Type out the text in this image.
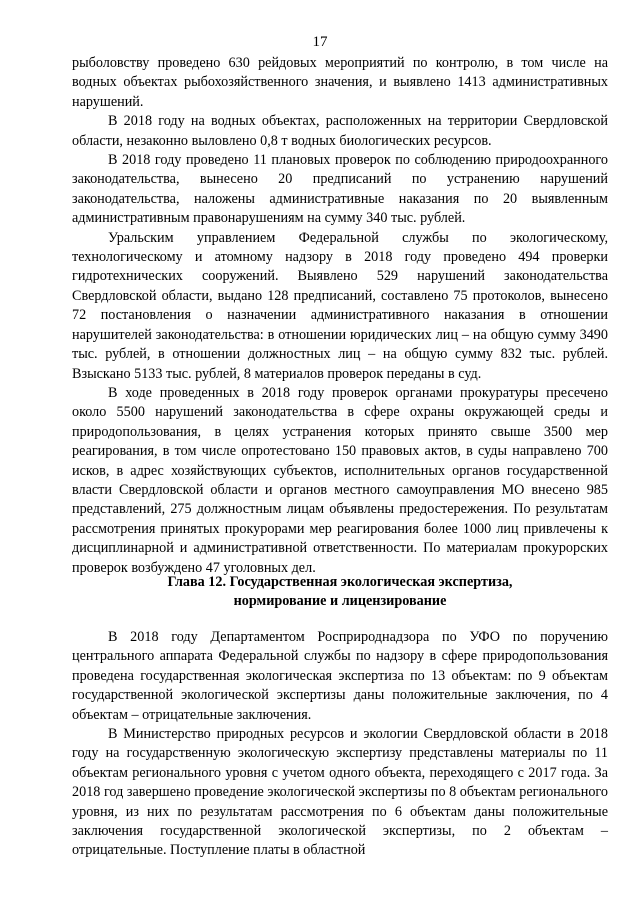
17

рыболовству проведено 630 рейдовых мероприятий по контролю, в том числе на водных объектах рыбохозяйственного значения, и выявлено 1413 административных нарушений.

В 2018 году на водных объектах, расположенных на территории Свердловской области, незаконно выловлено 0,8 т водных биологических ресурсов.

В 2018 году проведено 11 плановых проверок по соблюдению природоохранного законодательства, вынесено 20 предписаний по устранению нарушений законодательства, наложены административные наказания по 20 выявленным административным правонарушениям на сумму 340 тыс. рублей.

Уральским управлением Федеральной службы по экологическому, технологическому и атомному надзору в 2018 году проведено 494 проверки гидротехнических сооружений. Выявлено 529 нарушений законодательства Свердловской области, выдано 128 предписаний, составлено 75 протоколов, вынесено 72 постановления о назначении административного наказания в отношении нарушителей законодательства: в отношении юридических лиц – на общую сумму 3490 тыс. рублей, в отношении должностных лиц – на общую сумму 832 тыс. рублей. Взыскано 5133 тыс. рублей, 8 материалов проверок переданы в суд.

В ходе проведенных в 2018 году проверок органами прокуратуры пресечено около 5500 нарушений законодательства в сфере охраны окружающей среды и природопользования, в целях устранения которых принято свыше 3500 мер реагирования, в том числе опротестовано 150 правовых актов, в суды направлено 700 исков, в адрес хозяйствующих субъектов, исполнительных органов государственной власти Свердловской области и органов местного самоуправления МО внесено 985 представлений, 275 должностным лицам объявлены предостережения. По результатам рассмотрения принятых прокурорами мер реагирования более 1000 лиц привлечены к дисциплинарной и административной ответственности. По материалам прокурорских проверок возбуждено 47 уголовных дел.

Глава 12. Государственная экологическая экспертиза,
нормирование и лицензирование

В 2018 году Департаментом Росприроднадзора по УФО по поручению центрального аппарата Федеральной службы по надзору в сфере природопользования проведена государственная экологическая экспертиза по 13 объектам: по 9 объектам государственной экологической экспертизы даны положительные заключения, по 4 объектам – отрицательные заключения.

В Министерство природных ресурсов и экологии Свердловской области в 2018 году на государственную экологическую экспертизу представлены материалы по 11 объектам регионального уровня с учетом одного объекта, переходящего с 2017 года. За 2018 год завершено проведение экологической экспертизы по 8 объектам регионального уровня, из них по результатам рассмотрения по 6 объектам даны положительные заключения государственной экологической экспертизы, по 2 объектам – отрицательные. Поступление платы в областной
